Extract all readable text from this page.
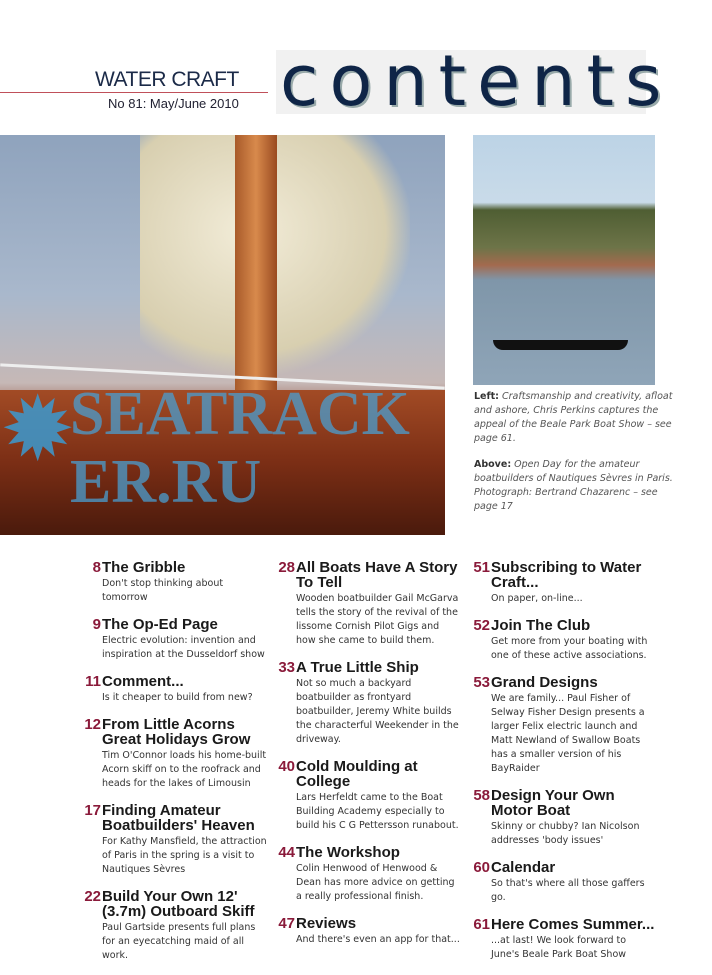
WATER CRAFT
No 81: May/June 2010 contents

Left: Craftsmanship and creativity, afloat and ashore, Chris Perkins captures the appeal of the Beale Park Boat Show – see page 61.

Above: Open Day for the amateur boatbuilders of Nautiques Sèvres in Paris. Photograph: Bertrand Chazarenc – see page 17

8 The Gribble
Don't stop thinking about tomorrow
9 The Op-Ed Page
Electric evolution: invention and inspiration at the Dusseldorf show
11 Comment...
Is it cheaper to build from new?
12 From Little Acorns Great Holidays Grow
Tim O'Connor loads his home-built Acorn skiff on to the roofrack and heads for the lakes of Limousin
17 Finding Amateur Boatbuilders' Heaven
For Kathy Mansfield, the attraction of Paris in the spring is a visit to Nautiques Sèvres
22 Build Your Own 12' (3.7m) Outboard Skiff
Paul Gartside presents full plans for an eyecatching maid of all work.
28 All Boats Have A Story To Tell
Wooden boatbuilder Gail McGarva tells the story of the revival of the lissome Cornish Pilot Gigs and how she came to build them.
33 A True Little Ship
Not so much a backyard boatbuilder as frontyard boatbuilder, Jeremy White builds the characterful Weekender in the driveway.
40 Cold Moulding at College
Lars Herfeldt came to the Boat Building Academy especially to build his C G Pettersson runabout.
44 The Workshop
Colin Henwood of Henwood & Dean has more advice on getting a really professional finish.
47 Reviews
And there's even an app for that...
51 Subscribing to Water Craft...
On paper, on-line...
52 Join The Club
Get more from your boating with one of these active associations.
53 Grand Designs
We are family... Paul Fisher of Selway Fisher Design presents a larger Felix electric launch and Matt Newland of Swallow Boats has a smaller version of his BayRaider
58 Design Your Own Motor Boat
Skinny or chubby? Ian Nicolson addresses 'body issues'
60 Calendar
So that's where all those gaffers go.
61 Here Comes Summer...
...at last! We look forward to June's Beale Park Boat Show
✹
SEATRACKER.RU
